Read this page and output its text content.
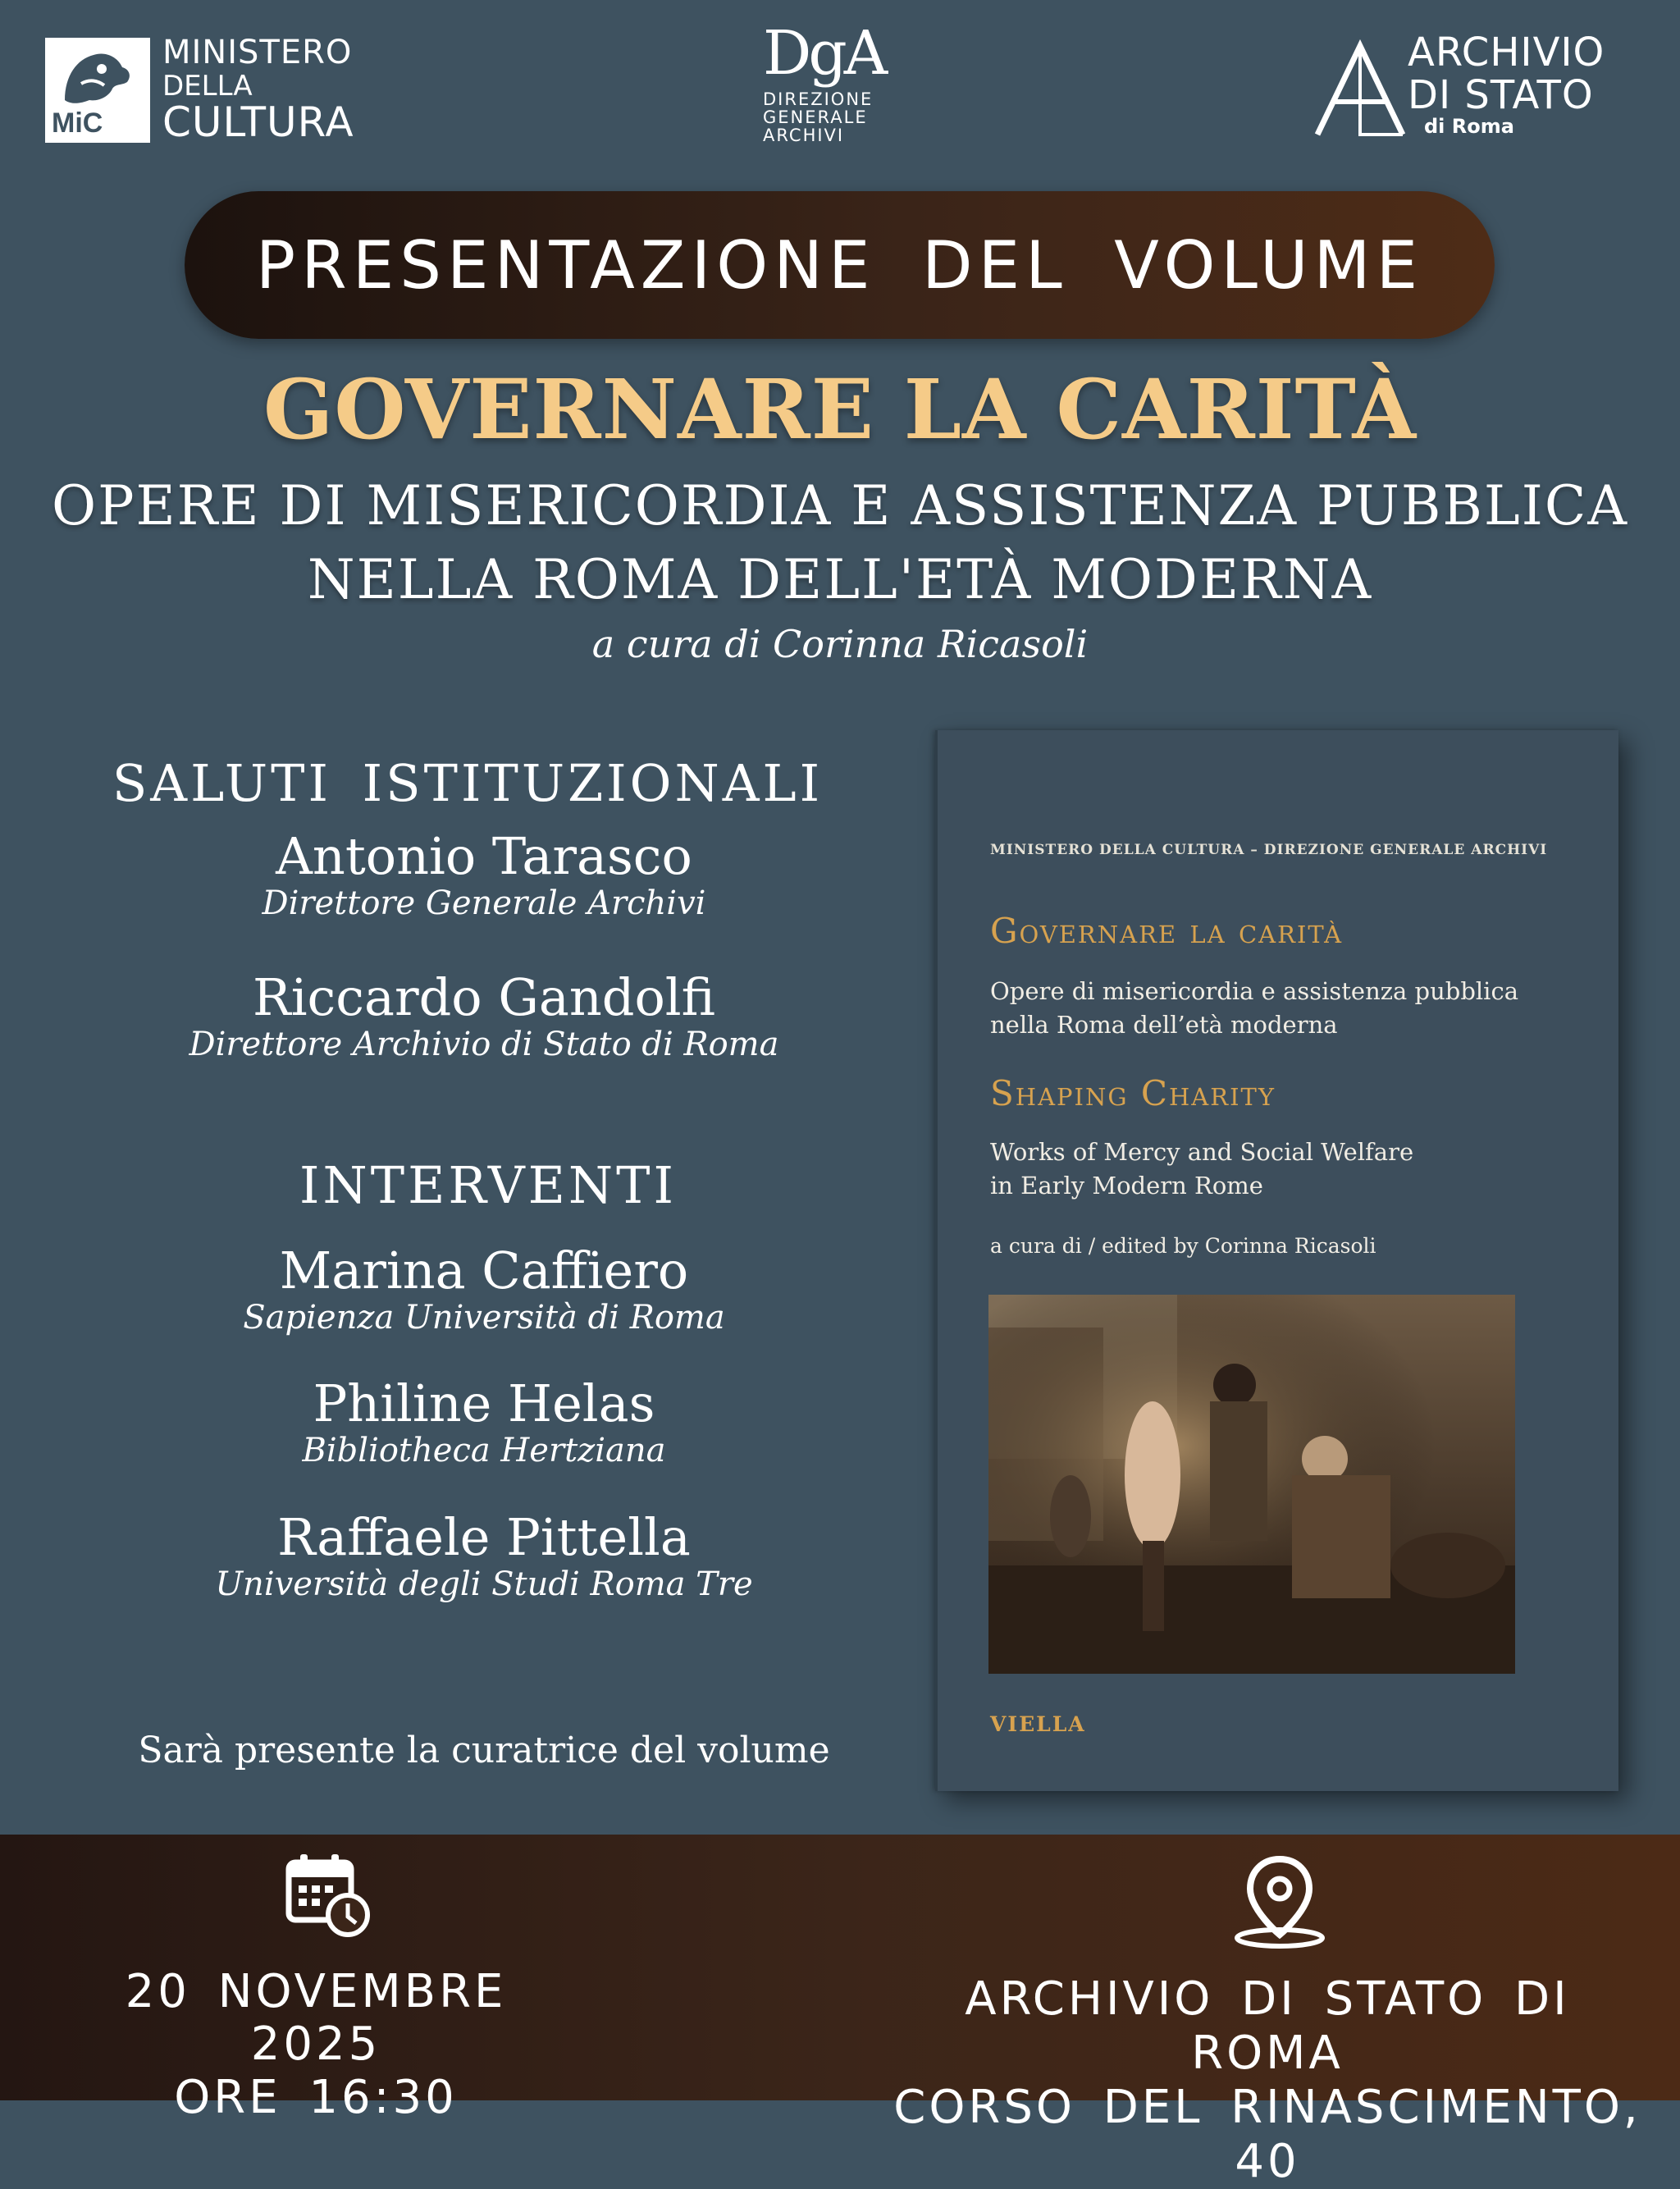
MiC
MINISTERO
DELLA
CULTURA
DgA
DIREZIONE
GENERALE
ARCHIVI
ARCHIVIO
DI STATO
di Roma
PRESENTAZIONE DEL VOLUME
GOVERNARE LA CARITÀ
OPERE DI MISERICORDIA E ASSISTENZA PUBBLICA
NELLA ROMA DELL'ETÀ MODERNA
a cura di Corinna Ricasoli
SALUTI ISTITUZIONALI
Antonio Tarasco
Direttore Generale Archivi
Riccardo Gandolfi
Direttore Archivio di Stato di Roma
INTERVENTI
Marina Caffiero
Sapienza Università di Roma
Philine Helas
Bibliotheca Hertziana
Raffaele Pittella
Università degli Studi Roma Tre
Sarà presente la curatrice del volume
MINISTERO DELLA CULTURA – DIREZIONE GENERALE ARCHIVI
Governare la carità
Opere di misericordia e assistenza pubblica
nella Roma dell’età moderna
Shaping Charity
Works of Mercy and Social Welfare
in Early Modern Rome
a cura di / edited by Corinna Ricasoli
VIELLA
20 NOVEMBRE 2025
ORE 16:30
ARCHIVIO DI STATO DI ROMA
CORSO DEL RINASCIMENTO, 40
